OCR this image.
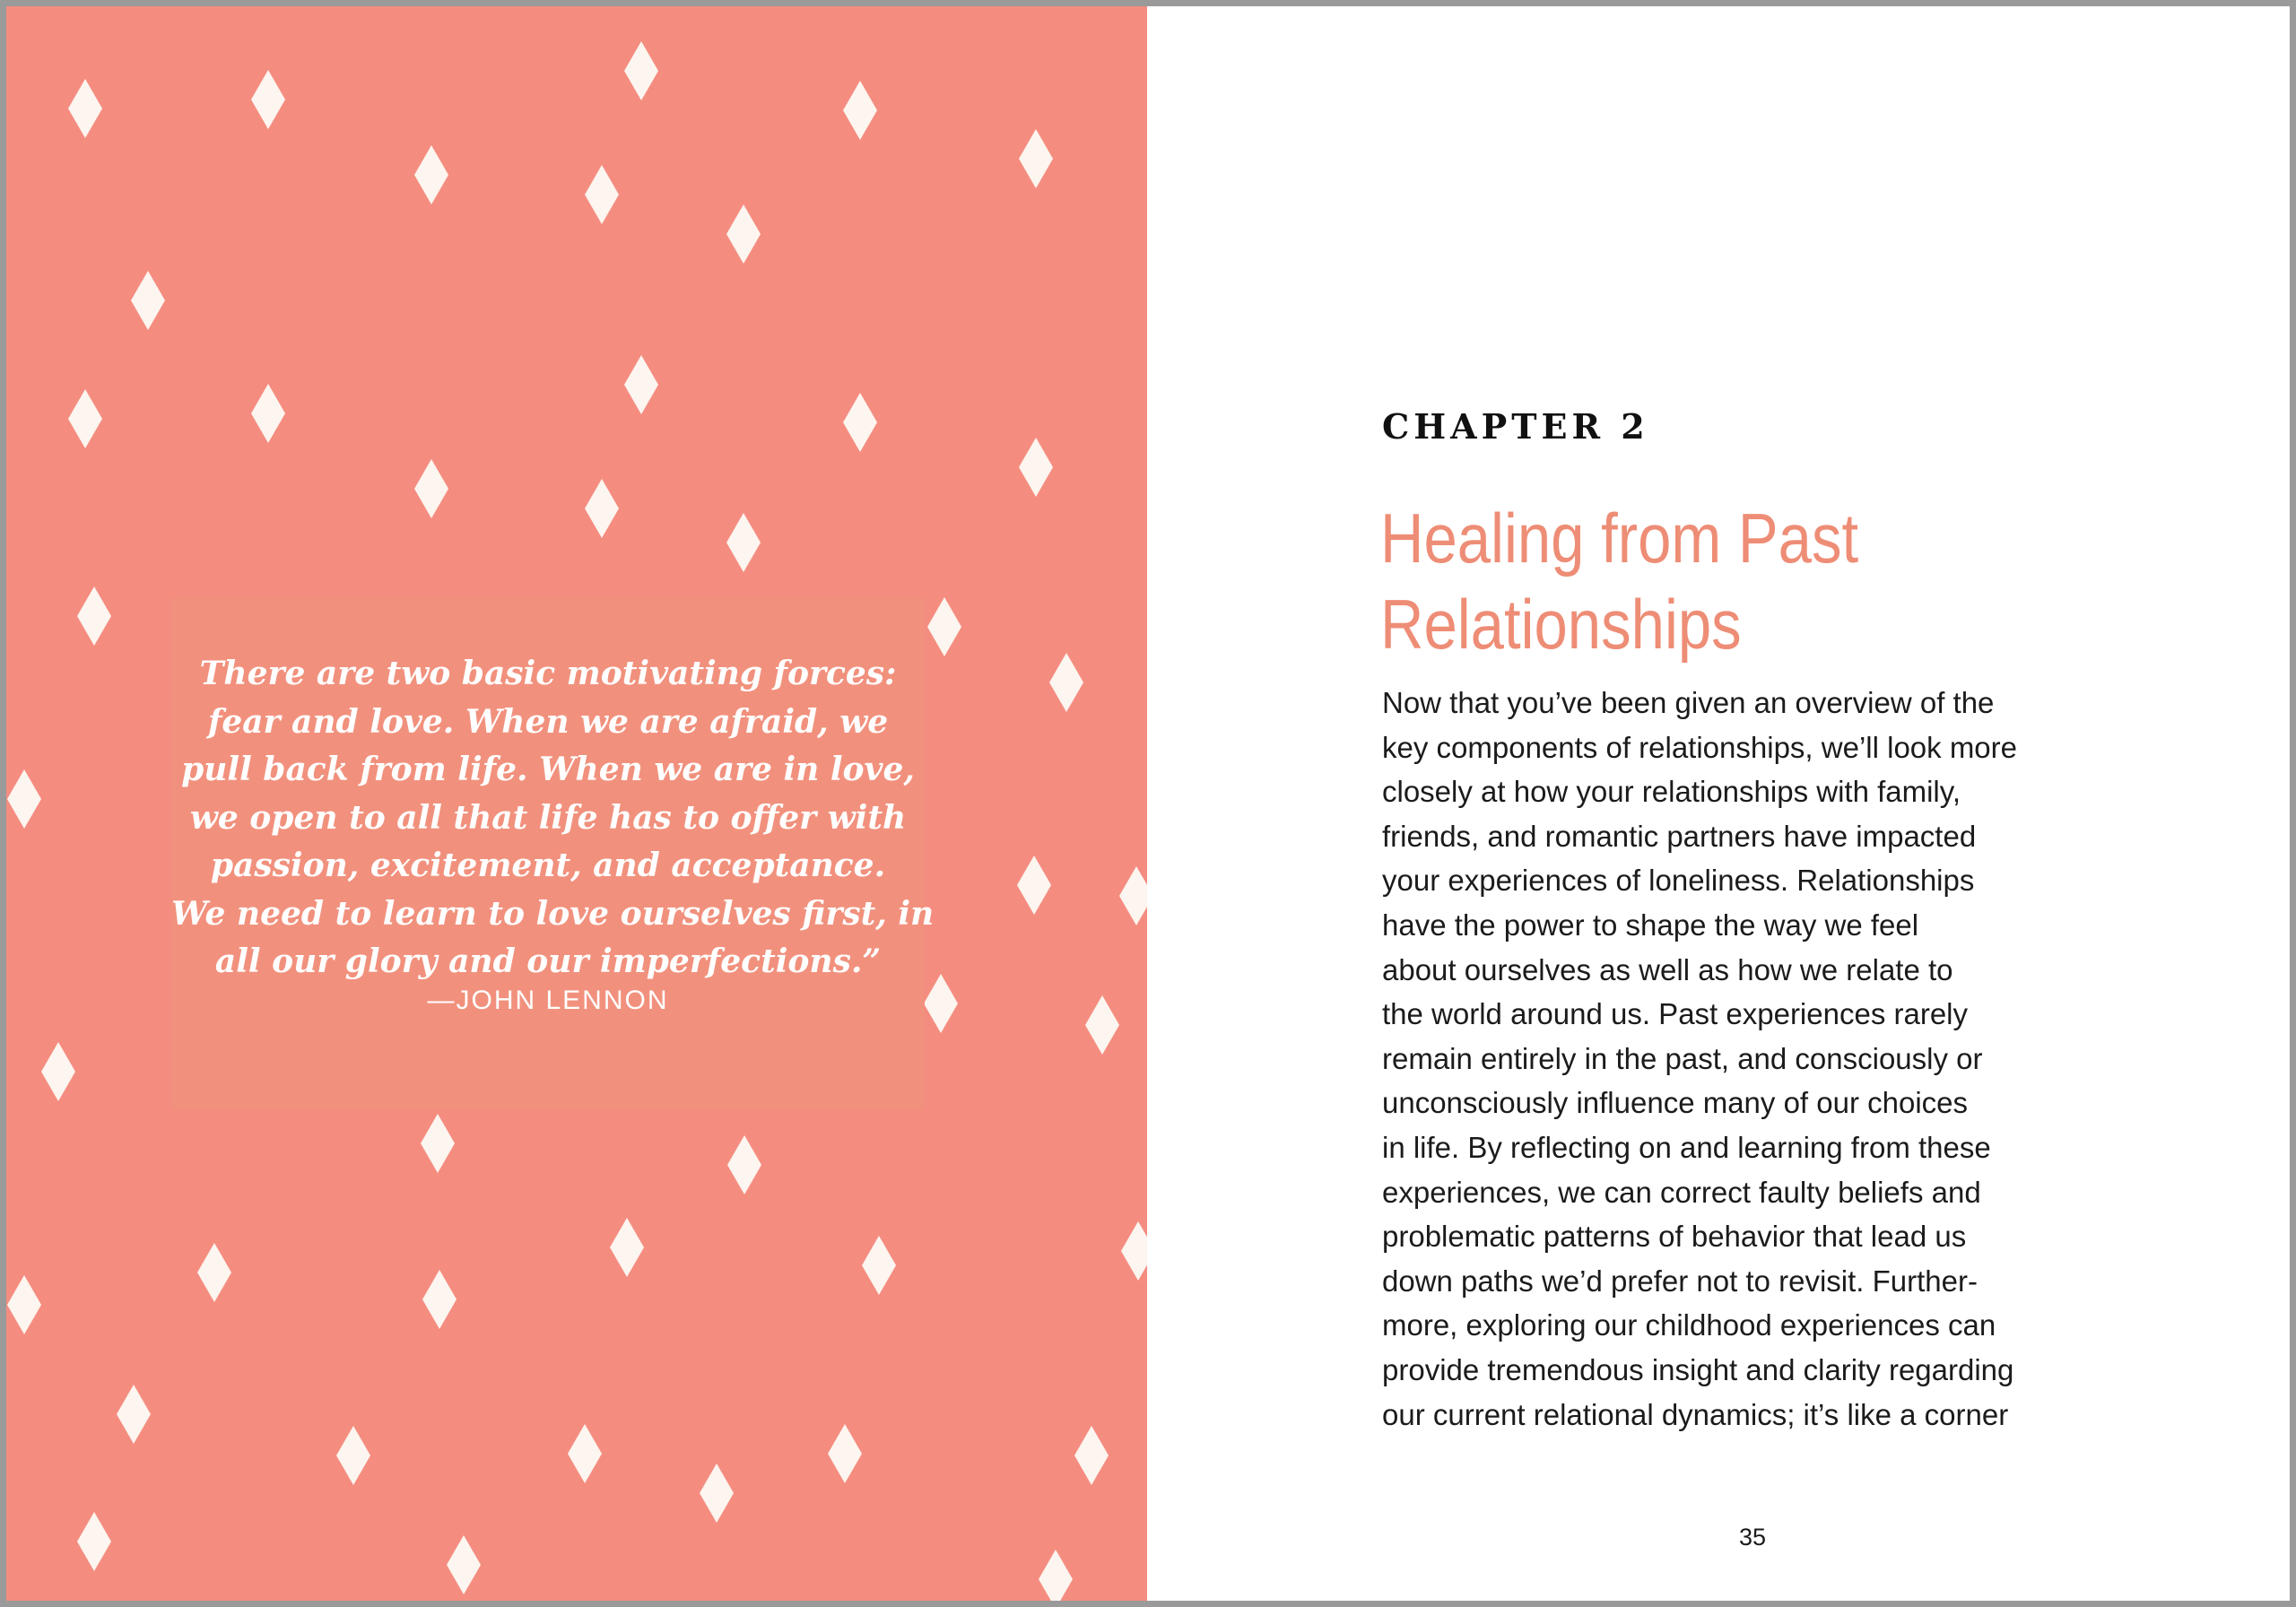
There are two basic motivating forces:
fear and love. When we are afraid, we
pull back from life. When we are in love,
we open to all that life has to offer with
passion, excitement, and acceptance.
We need to learn to love ourselves first, in
all our glory and our imperfections.”

—JOHN LENNON
CHAPTER 2
Healing from Past
Relationships

Now that you’ve been given an overview of the
key components of relationships, we’ll look more
closely at how your relationships with family,
friends, and romantic partners have impacted
your experiences of loneliness. Relationships
have the power to shape the way we feel
about ourselves as well as how we relate to
the world around us. Past experiences rarely
remain entirely in the past, and consciously or
unconsciously influence many of our choices
in life. By reflecting on and learning from these
experiences, we can correct faulty beliefs and
problematic patterns of behavior that lead us
down paths we’d prefer not to revisit. Further-
more, exploring our childhood experiences can
provide tremendous insight and clarity regarding
our current relational dynamics; it’s like a corner

35
